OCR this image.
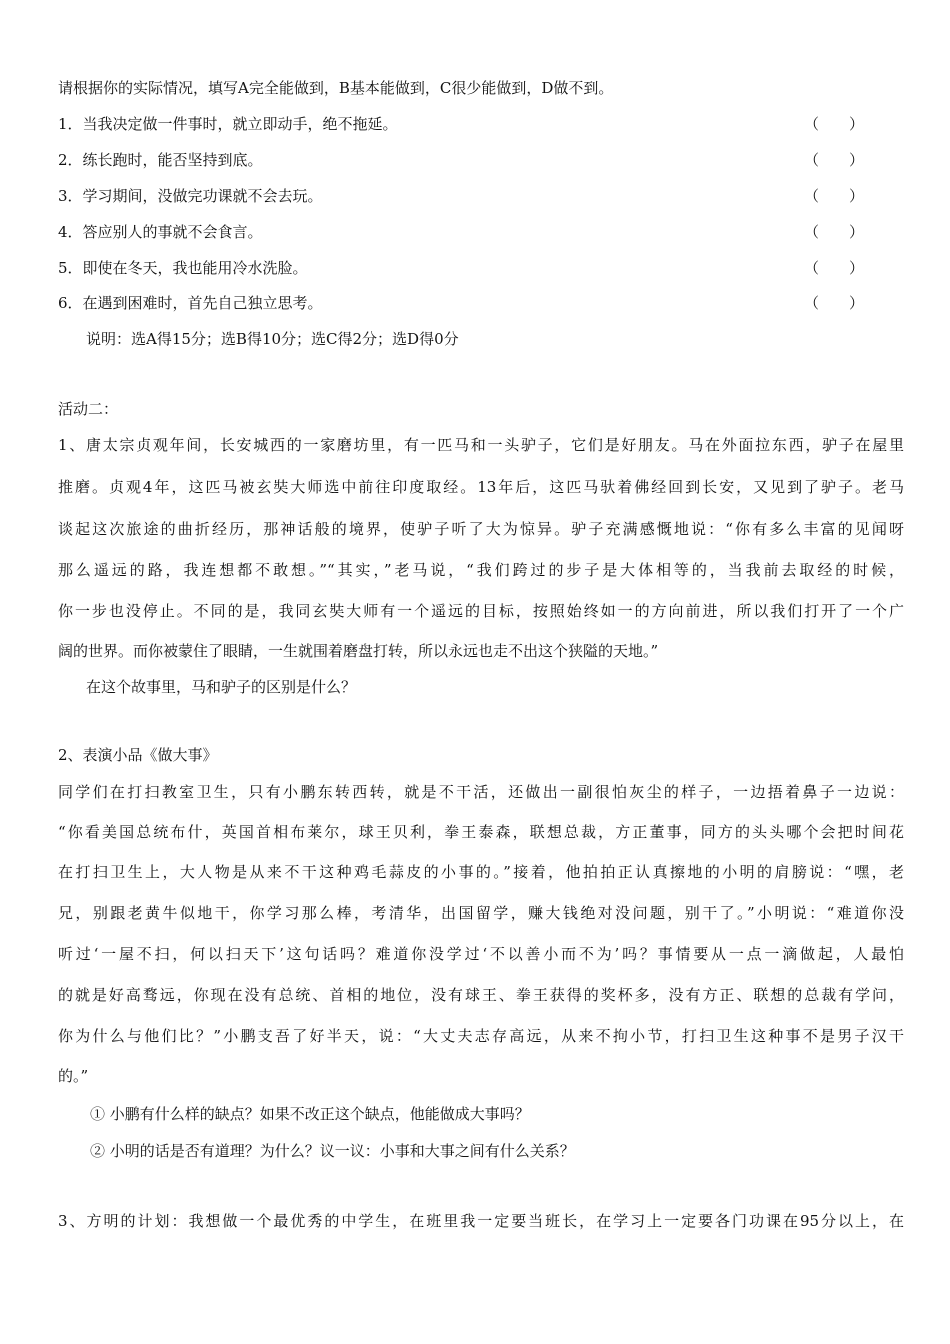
请根据你的实际情况，填写A完全能做到，B基本能做到，C很少能做到，D做不到。
1．当我决定做一件事时，就立即动手，绝不拖延。	（　　）
2．练长跑时，能否坚持到底。	（　　）
3．学习期间，没做完功课就不会去玩。	（　　）
4．答应别人的事就不会食言。	（　　）
5．即使在冬天，我也能用冷水洗脸。	（　　）
6．在遇到困难时，首先自己独立思考。	（　　）
说明：选A得15分；选B得10分；选C得2分；选D得0分
活动二：
1、唐太宗贞观年间，长安城西的一家磨坊里，有一匹马和一头驴子，它们是好朋友。马在外面拉东西，驴子在屋里
推磨。贞观4年，这匹马被玄奘大师选中前往印度取经。13年后，这匹马驮着佛经回到长安，又见到了驴子。老马
谈起这次旅途的曲折经历，那神话般的境界，使驴子听了大为惊异。驴子充满感慨地说：“你有多么丰富的见闻呀
那么遥远的路，我连想都不敢想。”“其实，”老马说，“我们跨过的步子是大体相等的，当我前去取经的时候，
你一步也没停止。不同的是，我同玄奘大师有一个遥远的目标，按照始终如一的方向前进，所以我们打开了一个广
阔的世界。而你被蒙住了眼睛，一生就围着磨盘打转，所以永远也走不出这个狭隘的天地。”
在这个故事里，马和驴子的区别是什么？
2、表演小品《做大事》
同学们在打扫教室卫生，只有小鹏东转西转，就是不干活，还做出一副很怕灰尘的样子，一边捂着鼻子一边说：
“你看美国总统布什，英国首相布莱尔，球王贝利，拳王泰森，联想总裁，方正董事，同方的头头哪个会把时间花
在打扫卫生上，大人物是从来不干这种鸡毛蒜皮的小事的。”接着，他拍拍正认真擦地的小明的肩膀说：“嘿，老
兄，别跟老黄牛似地干，你学习那么棒，考清华，出国留学，赚大钱绝对没问题，别干了。”小明说：“难道你没
听过‘一屋不扫，何以扫天下’这句话吗？难道你没学过‘不以善小而不为’吗？事情要从一点一滴做起，人最怕
的就是好高骛远，你现在没有总统、首相的地位，没有球王、拳王获得的奖杯多，没有方正、联想的总裁有学问，
你为什么与他们比？”小鹏支吾了好半天，说：“大丈夫志存高远，从来不拘小节，打扫卫生这种事不是男子汉干
的。”
① 小鹏有什么样的缺点？如果不改正这个缺点，他能做成大事吗？
② 小明的话是否有道理？为什么？议一议：小事和大事之间有什么关系？
3、方明的计划：我想做一个最优秀的中学生，在班里我一定要当班长，在学习上一定要各门功课在95分以上，在
